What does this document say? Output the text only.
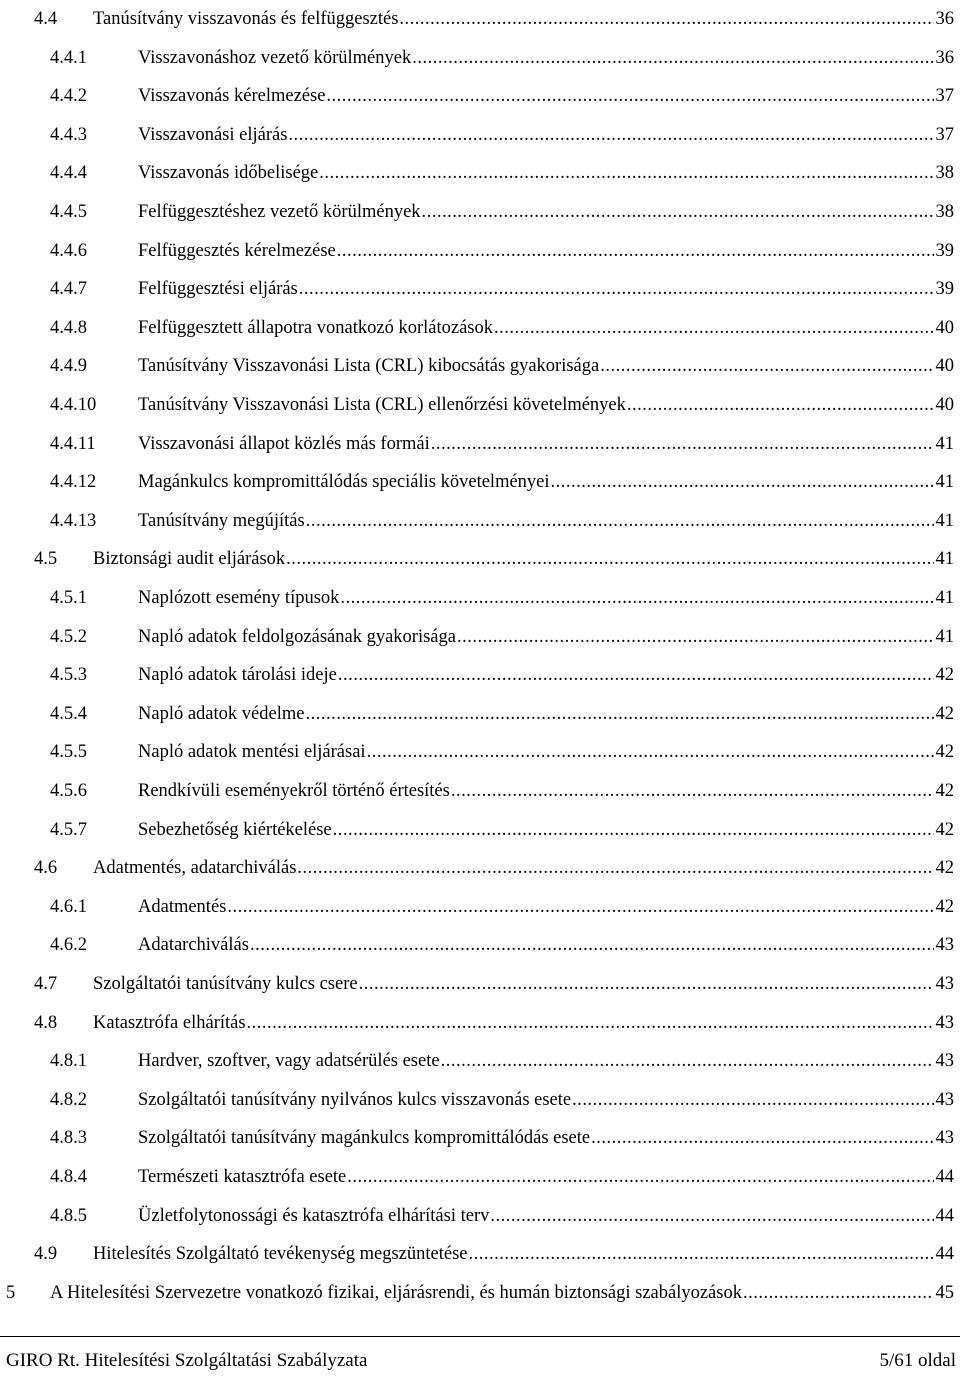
4.4	Tanúsítvány visszavonás és felfüggesztés .....	36
4.4.1	Visszavonáshoz vezető körülmények .....	36
4.4.2	Visszavonás kérelmezése .....	37
4.4.3	Visszavonási eljárás .....	37
4.4.4	Visszavonás időbelisége .....	38
4.4.5	Felfüggesztéshez vezető körülmények .....	38
4.4.6	Felfüggesztés kérelmezése .....	39
4.4.7	Felfüggesztési eljárás .....	39
4.4.8	Felfüggesztett állapotra vonatkozó korlátozások .....	40
4.4.9	Tanúsítvány Visszavonási Lista (CRL) kibocsátás gyakorisága .....	40
4.4.10	Tanúsítvány Visszavonási Lista (CRL) ellenőrzési követelmények .....	40
4.4.11	Visszavonási állapot közlés más formái .....	41
4.4.12	Magánkulcs kompromittálódás speciális követelményei .....	41
4.4.13	Tanúsítvány megújítás .....	41
4.5	Biztonsági audit eljárások .....	41
4.5.1	Naplózott esemény típusok .....	41
4.5.2	Napló adatok feldolgozásának gyakorisága .....	41
4.5.3	Napló adatok tárolási ideje .....	42
4.5.4	Napló adatok védelme .....	42
4.5.5	Napló adatok mentési eljárásai .....	42
4.5.6	Rendkívüli eseményekről történő értesítés .....	42
4.5.7	Sebezhetőség kiértékelése .....	42
4.6	Adatmentés, adatarchiválás .....	42
4.6.1	Adatmentés .....	42
4.6.2	Adatarchiválás .....	43
4.7	Szolgáltatói tanúsítvány kulcs csere .....	43
4.8	Katasztrófa elhárítás .....	43
4.8.1	Hardver, szoftver, vagy adatsérülés esete .....	43
4.8.2	Szolgáltatói tanúsítvány nyilvános kulcs visszavonás esete .....	43
4.8.3	Szolgáltatói tanúsítvány magánkulcs kompromittálódás esete .....	43
4.8.4	Természeti katasztrófa esete .....	44
4.8.5	Üzletfolytonossági és katasztrófa elhárítási terv .....	44
4.9	Hitelesítés Szolgáltató tevékenység megszüntetése .....	44
5	A Hitelesítési Szervezetre vonatkozó fizikai, eljárásrendi, és humán biztonsági szabályozások .....	45
GIRO Rt. Hitelesítési Szolgáltatási Szabályzata	5/61 oldal
